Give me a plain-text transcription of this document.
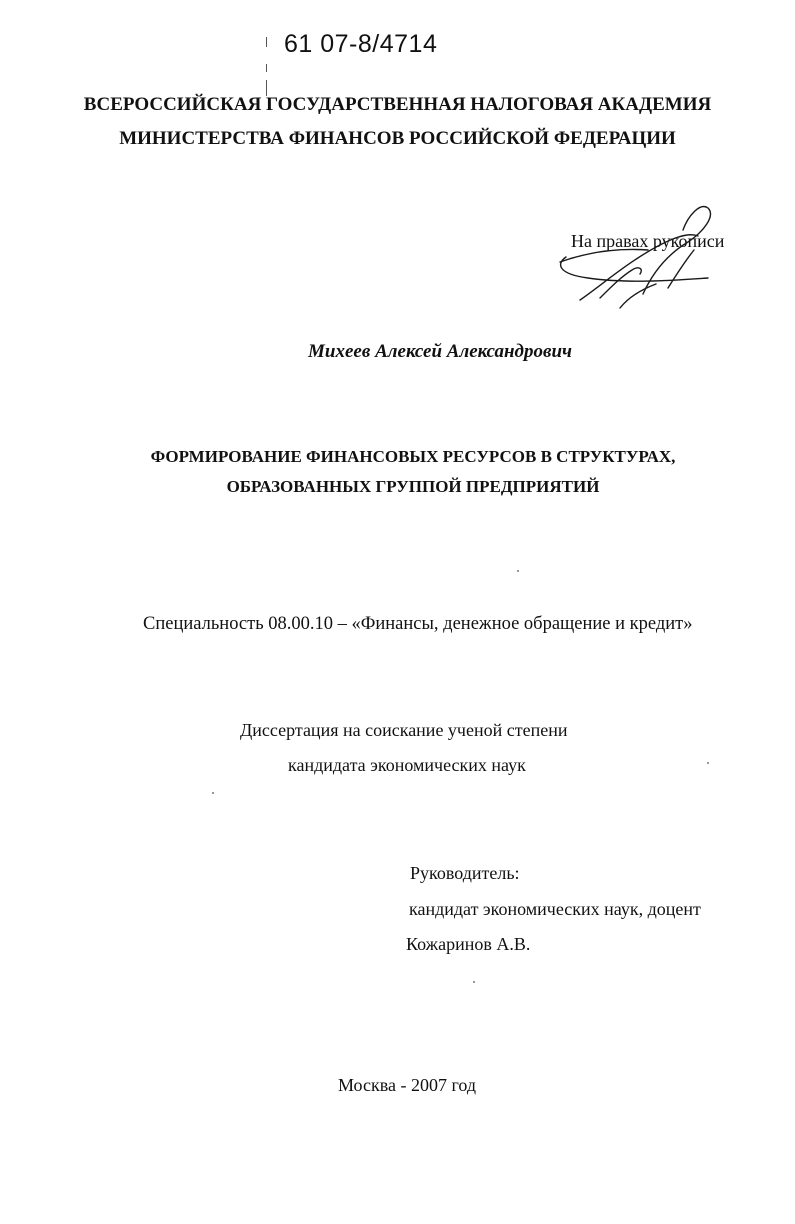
61 07-8/4714
ВСЕРОССИЙСКАЯ ГОСУДАРСТВЕННАЯ НАЛОГОВАЯ АКАДЕМИЯ
МИНИСТЕРСТВА ФИНАНСОВ РОССИЙСКОЙ ФЕДЕРАЦИИ
На правах рукописи
Михеев Алексей Александрович
ФОРМИРОВАНИЕ ФИНАНСОВЫХ РЕСУРСОВ В СТРУКТУРАХ,
ОБРАЗОВАННЫХ ГРУППОЙ ПРЕДПРИЯТИЙ
Специальность 08.00.10 – «Финансы, денежное обращение и кредит»
Диссертация на соискание ученой степени
кандидата экономических наук
Руководитель:
кандидат экономических наук, доцент
Кожаринов А.В.
Москва - 2007 год
